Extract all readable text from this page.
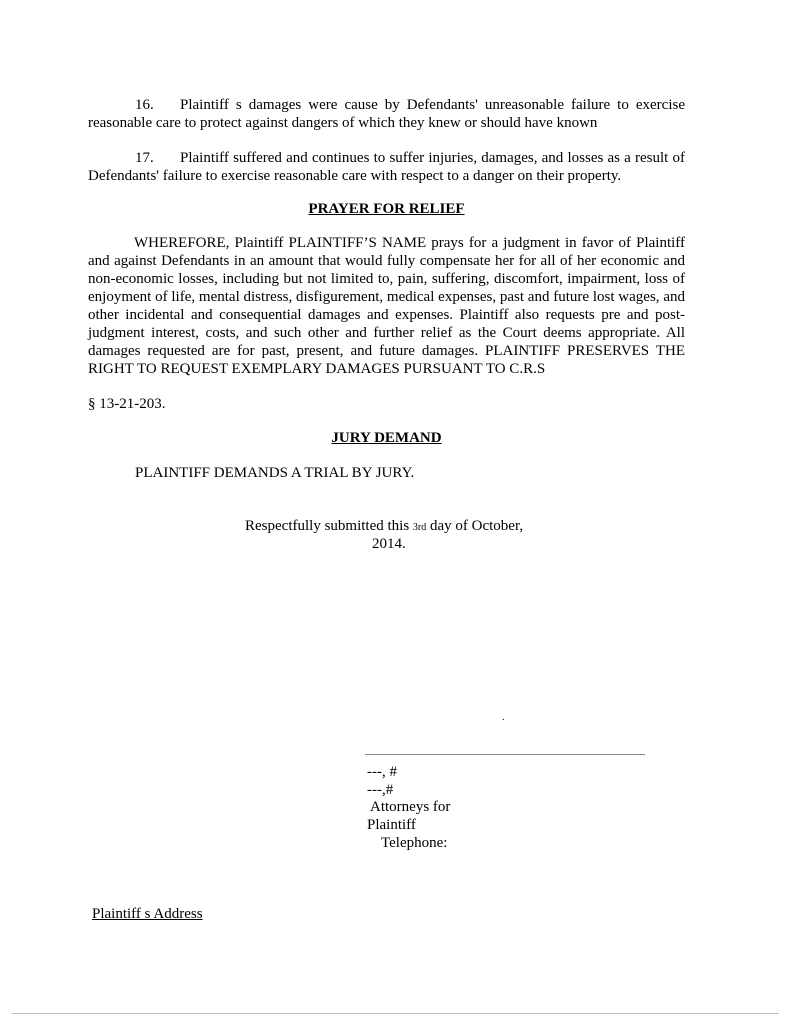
16. Plaintiff s damages were cause by Defendants' unreasonable failure to exercise reasonable care to protect against dangers of which they knew or should have known

17. Plaintiff suffered and continues to suffer injuries, damages, and losses as a result of Defendants' failure to exercise reasonable care with respect to a danger on their property.

PRAYER FOR RELIEF

WHEREFORE, Plaintiff PLAINTIFF’S NAME prays for a judgment in favor of Plaintiff and against Defendants in an amount that would fully compensate her for all of her economic and non-economic losses, including but not limited to, pain, suffering, discomfort, impairment, loss of enjoyment of life, mental distress, disfigurement, medical expenses, past and future lost wages, and other incidental and consequential damages and expenses. Plaintiff also requests pre and post-judgment interest, costs, and such other and further relief as the Court deems appropriate. All damages requested are for past, present, and future damages. PLAINTIFF PRESERVES THE RIGHT TO REQUEST EXEMPLARY DAMAGES PURSUANT TO C.R.S

§ 13-21-203.
JURY DEMAND
PLAINTIFF DEMANDS A TRIAL BY JURY.
Respectfully submitted this 3rd day of October,
2014.
.
---, #
---,#
Attorneys for
Plaintiff
Telephone:
Plaintiff s Address
